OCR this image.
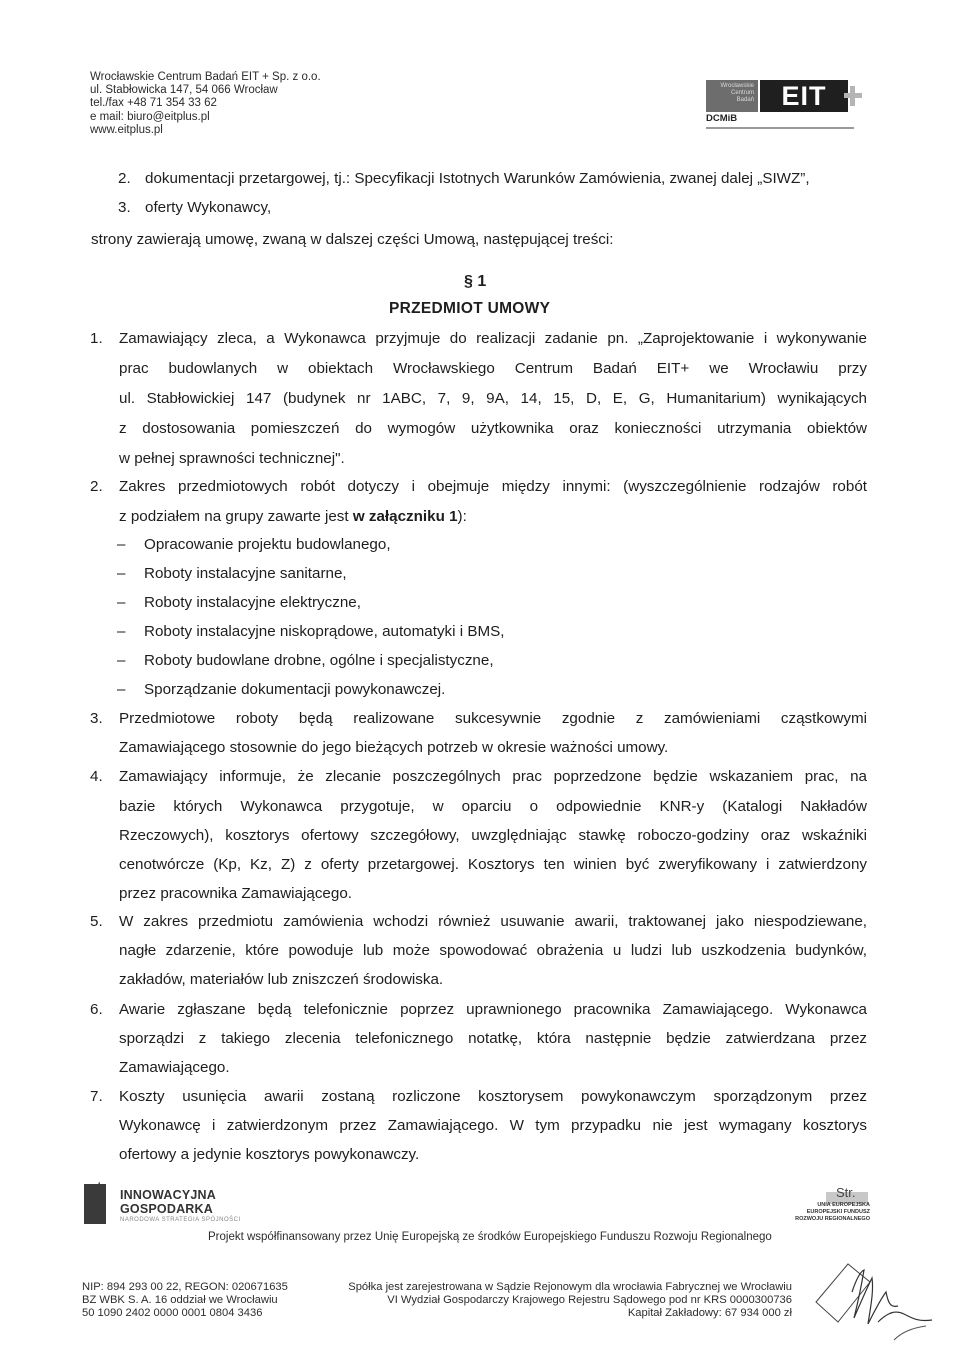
Wrocławskie Centrum Badań EIT + Sp. z o.o.
ul. Stabłowicka 147, 54 066 Wrocław
tel./fax +48 71 354 33 62
e mail: biuro@eitplus.pl
www.eitplus.pl
Wrocławskie
Centrum
Badań	EIT
DCMiB
2. dokumentacji przetargowej, tj.: Specyfikacji Istotnych Warunków Zamówienia, zwanej dalej „SIWZ”,
3. oferty Wykonawcy,
strony zawierają umowę, zwaną w dalszej części Umową, następującej treści:
§ 1
PRZEDMIOT UMOWY
1. Zamawiający zleca, a Wykonawca przyjmuje do realizacji zadanie pn. „Zaprojektowanie i wykonywanie
prac budowlanych w obiektach Wrocławskiego Centrum Badań EIT+ we Wrocławiu przy
ul. Stabłowickiej 147 (budynek nr 1ABC, 7, 9, 9A, 14, 15, D, E, G, Humanitarium) wynikających
z dostosowania pomieszczeń do wymogów użytkownika oraz konieczności utrzymania obiektów
w pełnej sprawności technicznej".
2. Zakres przedmiotowych robót dotyczy i obejmuje między innymi: (wyszczególnienie rodzajów robót
z podziałem na grupy zawarte jest w załączniku 1):
– Opracowanie projektu budowlanego,
– Roboty instalacyjne sanitarne,
– Roboty instalacyjne elektryczne,
– Roboty instalacyjne niskoprądowe, automatyki i BMS,
– Roboty budowlane drobne, ogólne i specjalistyczne,
– Sporządzanie dokumentacji powykonawczej.
3. Przedmiotowe roboty będą realizowane sukcesywnie zgodnie z zamówieniami cząstkowymi
Zamawiającego stosownie do jego bieżących potrzeb w okresie ważności umowy.
4. Zamawiający informuje, że zlecanie poszczególnych prac poprzedzone będzie wskazaniem prac, na
bazie których Wykonawca przygotuje, w oparciu o odpowiednie KNR-y (Katalogi Nakładów
Rzeczowych), kosztorys ofertowy szczegółowy, uwzględniając stawkę roboczo-godziny oraz wskaźniki
cenotwórcze (Kp, Kz, Z) z oferty przetargowej. Kosztorys ten winien być zweryfikowany i zatwierdzony
przez pracownika Zamawiającego.
5. W zakres przedmiotu zamówienia wchodzi również usuwanie awarii, traktowanej jako niespodziewane,
nagłe zdarzenie, które powoduje lub może spowodować obrażenia u ludzi lub uszkodzenia budynków,
zakładów, materiałów lub zniszczeń środowiska.
6. Awarie zgłaszane będą telefonicznie poprzez uprawnionego pracownika Zamawiającego. Wykonawca
sporządzi z takiego zlecenia telefonicznego notatkę, która następnie będzie zatwierdzana przez
Zamawiającego.
7. Koszty usunięcia awarii zostaną rozliczone kosztorysem powykonawczym sporządzonym przez
Wykonawcę i zatwierdzonym przez Zamawiającego. W tym przypadku nie jest wymagany kosztorys
ofertowy a jedynie kosztorys powykonawczy.
★ INNOWACYJNA
GOSPODARKA
NARODOWA STRATEGIA SPÓJNOŚCI
Str.
UNIA EUROPEJSKA
EUROPEJSKI FUNDUSZ
ROZWOJU REGIONALNEGO
Projekt współfinansowany przez Unię Europejską ze środków Europejskiego Funduszu Rozwoju Regionalnego
NIP: 894 293 00 22, REGON: 020671635
BZ WBK S. A. 16 oddział we Wrocławiu
50 1090 2402 0000 0001 0804 3436
Spółka jest zarejestrowana w Sądzie Rejonowym dla wrocławia Fabrycznej we Wrocławiu
VI Wydział Gospodarczy Krajowego Rejestru Sądowego pod nr KRS 0000300736
Kapitał Zakładowy: 67 934 000 zł
